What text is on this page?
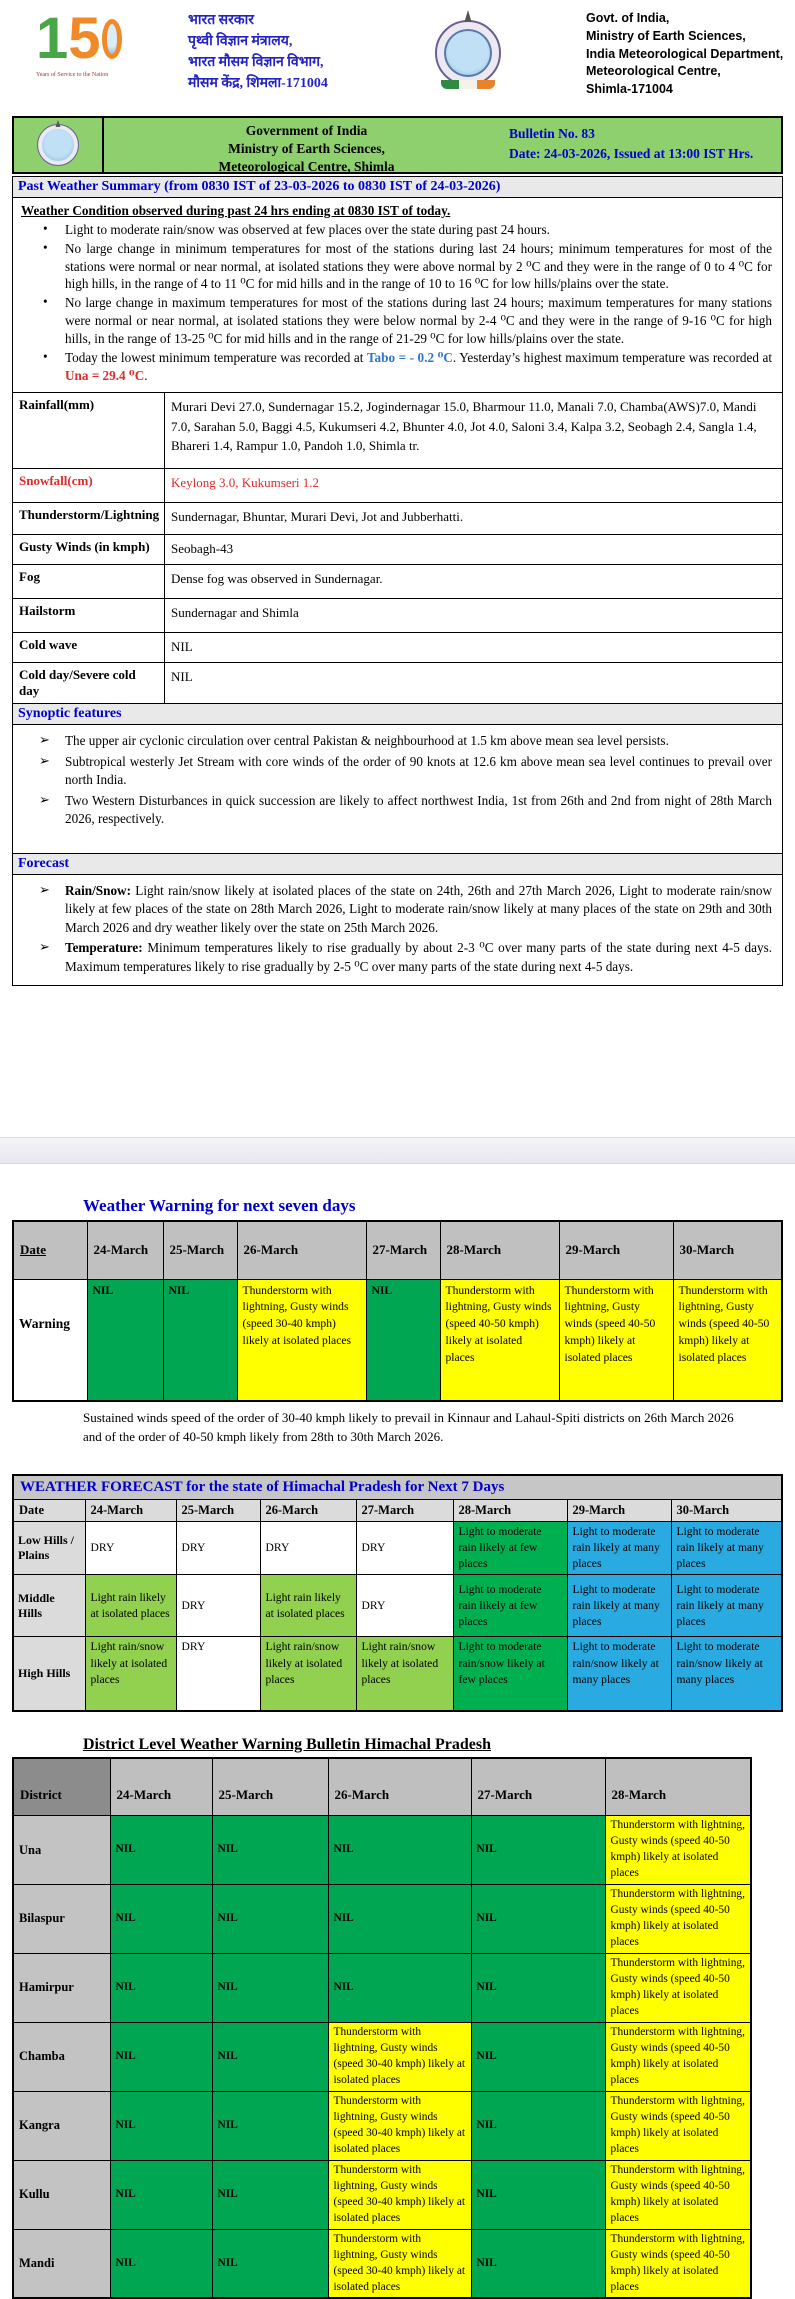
1 5
Years of Service to the Nation
भारत सरकार
पृथ्वी विज्ञान मंत्रालय,
भारत मौसम विज्ञान विभाग,
मौसम केंद्र, शिमला-171004
Govt. of India,
Ministry of Earth Sciences,
India Meteorological Department,
Meteorological Centre,
Shimla-171004
Government of India
Ministry of Earth Sciences,
Meteorological Centre, Shimla
Bulletin No. 83
Date: 24-03-2026, Issued at 13:00 IST Hrs.
Past Weather Summary (from 0830 IST of 23-03-2026 to 0830 IST of 24-03-2026)
Weather Condition observed during past 24 hrs ending at 0830 IST of today.
•	Light to moderate rain/snow was observed at few places over the state during past 24 hours.
•	No large change in minimum temperatures for most of the stations during last 24 hours; minimum temperatures for most of the stations were normal or near normal, at isolated stations they were above normal by 2 ⁰C and they were in the range of 0 to 4 ⁰C for high hills, in the range of 4 to 11 ⁰C for mid hills and in the range of 10 to 16 ⁰C for low hills/plains over the state.
•	No large change in maximum temperatures for most of the stations during last 24 hours; maximum temperatures for many stations were normal or near normal, at isolated stations they were below normal by 2-4 ⁰C and they were in the range of 9-16 ⁰C for high hills, in the range of 13-25 ⁰C for mid hills and in the range of 21-29 ⁰C for low hills/plains over the state.
•	Today the lowest minimum temperature was recorded at Tabo = - 0.2 ⁰C. Yesterday’s highest maximum temperature was recorded at Una = 29.4 ⁰C.
Rainfall(mm)	Murari Devi 27.0, Sundernagar 15.2, Jogindernagar 15.0, Bharmour 11.0, Manali 7.0, Chamba(AWS)7.0, Mandi 7.0, Sarahan 5.0, Baggi 4.5, Kukumseri 4.2, Bhunter 4.0, Jot 4.0, Saloni 3.4, Kalpa 3.2, Seobagh 2.4, Sangla 1.4, Bhareri 1.4, Rampur 1.0, Pandoh 1.0, Shimla tr.
Snowfall(cm)	Keylong 3.0, Kukumseri 1.2
Thunderstorm/Lightning	Sundernagar, Bhuntar, Murari Devi, Jot and Jubberhatti.
Gusty Winds (in kmph)	Seobagh-43
Fog	Dense fog was observed in Sundernagar.
Hailstorm	Sundernagar and Shimla
Cold wave	NIL
Cold day/Severe cold day	NIL
Synoptic features
➢	The upper air cyclonic circulation over central Pakistan & neighbourhood at 1.5 km above mean sea level persists.
➢	Subtropical westerly Jet Stream with core winds of the order of 90 knots at 12.6 km above mean sea level continues to prevail over north India.
➢	Two Western Disturbances in quick succession are likely to affect northwest India, 1st from 26th and 2nd from night of 28th March 2026, respectively.
Forecast
➢	Rain/Snow: Light rain/snow likely at isolated places of the state on 24th, 26th and 27th March 2026, Light to moderate rain/snow likely at few places of the state on 28th March 2026, Light to moderate rain/snow likely at many places of the state on 29th and 30th March 2026 and dry weather likely over the state on 25th March 2026.
➢	Temperature: Minimum temperatures likely to rise gradually by about 2-3 ⁰C over many parts of the state during next 4-5 days. Maximum temperatures likely to rise gradually by 2-5 ⁰C over many parts of the state during next 4-5 days.
Weather Warning for next seven days
Date	24-March	25-March	26-March	27-March	28-March	29-March	30-March
Warning	NIL	NIL	Thunderstorm with lightning, Gusty winds (speed 30-40 kmph) likely at isolated places	NIL	Thunderstorm with lightning, Gusty winds (speed 40-50 kmph) likely at isolated places	Thunderstorm with lightning, Gusty winds (speed 40-50 kmph) likely at isolated places	Thunderstorm with lightning, Gusty winds (speed 40-50 kmph) likely at isolated places
Sustained winds speed of the order of 30-40 kmph likely to prevail in Kinnaur and Lahaul-Spiti districts on 26th March 2026 and of the order of 40-50 kmph likely from 28th to 30th March 2026.
WEATHER FORECAST for the state of Himachal Pradesh for Next 7 Days							
Date	24-March	25-March	26-March	27-March	28-March	29-March	30-March
Low Hills / Plains	DRY	DRY	DRY	DRY	Light to moderate rain likely at few places	Light to moderate rain likely at many places	Light to moderate rain likely at many places
Middle Hills	Light rain likely at isolated places	DRY	Light rain likely at isolated places	DRY	Light to moderate rain likely at few places	Light to moderate rain likely at many places	Light to moderate rain likely at many places
High Hills	Light rain/snow likely at isolated places	DRY	Light rain/snow likely at isolated places	Light rain/snow likely at isolated places	Light to moderate rain/snow likely at few places	Light to moderate rain/snow likely at many places	Light to moderate rain/snow likely at many places
District Level Weather Warning Bulletin Himachal Pradesh
District	24-March	25-March	26-March	27-March	28-March
Una	NIL	NIL	NIL	NIL	Thunderstorm with lightning, Gusty winds (speed 40-50 kmph) likely at isolated places
Bilaspur	NIL	NIL	NIL	NIL	Thunderstorm with lightning, Gusty winds (speed 40-50 kmph) likely at isolated places
Hamirpur	NIL	NIL	NIL	NIL	Thunderstorm with lightning, Gusty winds (speed 40-50 kmph) likely at isolated places
Chamba	NIL	NIL	Thunderstorm with lightning, Gusty winds (speed 30-40 kmph) likely at isolated places	NIL	Thunderstorm with lightning, Gusty winds (speed 40-50 kmph) likely at isolated places
Kangra	NIL	NIL	Thunderstorm with lightning, Gusty winds (speed 30-40 kmph) likely at isolated places	NIL	Thunderstorm with lightning, Gusty winds (speed 40-50 kmph) likely at isolated places
Kullu	NIL	NIL	Thunderstorm with lightning, Gusty winds (speed 30-40 kmph) likely at isolated places	NIL	Thunderstorm with lightning, Gusty winds (speed 40-50 kmph) likely at isolated places
Mandi	NIL	NIL	Thunderstorm with lightning, Gusty winds (speed 30-40 kmph) likely at isolated places	NIL	Thunderstorm with lightning, Gusty winds (speed 40-50 kmph) likely at isolated places
